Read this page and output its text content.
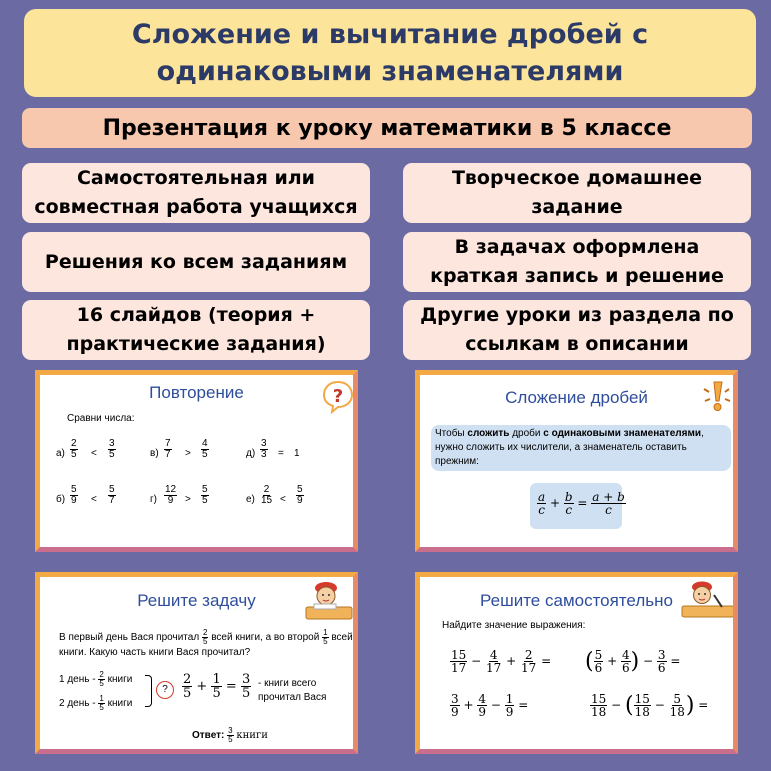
Сложение и вычитание дробей с
одинаковыми знаменателями
Презентация к уроку математики в 5 классе
Самостоятельная или
совместная работа учащихся
Творческое домашнее
задание
Решения ко всем заданиям
В задачах оформлена
краткая запись и решение
16 слайдов (теория +
практические задания)
Другие уроки из раздела по
ссылкам в описании
Повторение	?
Сравни числа:
$а) \frac{2}{5} < \frac{3}{5}$	$в) \frac{7}{7} > \frac{4}{5}$	$д) \frac{3}{3} = 1$
$б) \frac{5}{9} < \frac{5}{7}$	$г) \frac{12}{9} > \frac{5}{5}$	$е) \frac{2}{15} < \frac{5}{9}$
Сложение дробей
Чтобы сложить дроби с одинаковыми знаменателями,
нужно сложить их числители, а знаменатель оставить
прежним:
$\frac{a}{c} + \frac{b}{c} = \frac{a + b}{c}$
Решите задачу
В первый день Вася прочитал $\frac{2}{5}$ всей книги, а во второй $\frac{1}{5}$ всей
книги. Какую часть книги Вася прочитал?
1 день - $\frac{2}{5}$ книги
2 день - $\frac{1}{5}$ книги
?	$\frac{2}{5} + \frac{1}{5} = \frac{3}{5}$ - книги всего
прочитал Вася
Ответ: $\frac{3}{5}$ книги
Решите самостоятельно
Найдите значение выражения:
$\frac{15}{17} - \frac{4}{17} + \frac{2}{17}$ = ( $\frac{5}{6} + \frac{4}{6}$ ) − $\frac{3}{6}$ =
$\frac{3}{9} + \frac{4}{9} - \frac{1}{9}$ =	$\frac{15}{18}$ − ( $\frac{15}{18} - \frac{5}{18}$ ) =
